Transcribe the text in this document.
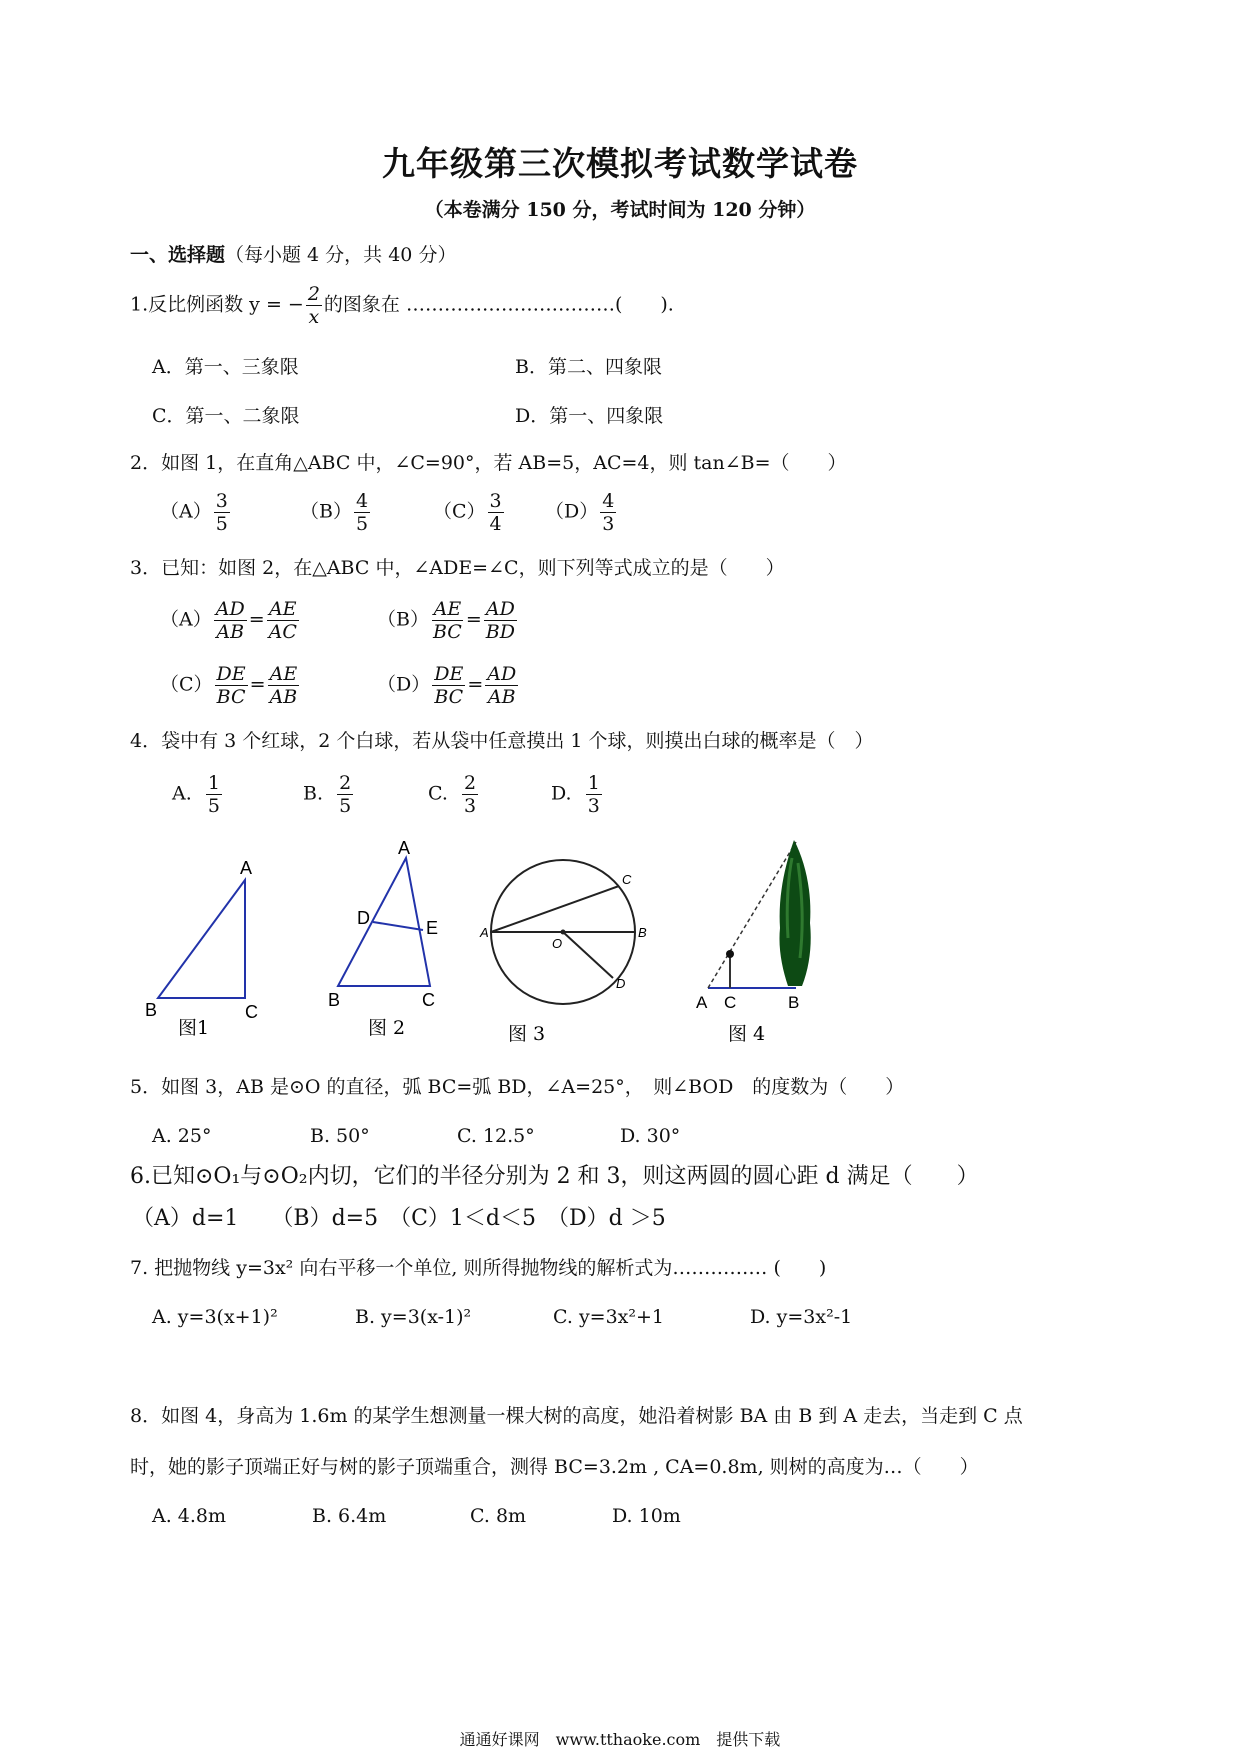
九年级第三次模拟考试数学试卷
（本卷满分 150 分，考试时间为 120 分钟）
一、选择题（每小题 4 分，共 40 分）
1.反比例函数 y = − $\frac{2}{x}$ 的图象在 ……………………………(　　).
A．第一、三象限	B．第二、四象限
C．第一、二象限	D．第一、四象限
2．如图 1，在直角△ABC 中，∠C=90°，若 AB=5，AC=4，则 tan∠B=（　　）
$(A) \frac{3}{5}$	$(B) \frac{4}{5}$	$(C) \frac{3}{4} (D) \frac{4}{3}$
3．已知：如图 2，在△ABC 中，∠ADE=∠C，则下列等式成立的是（　　）
$(A) \frac{AD}{AB} = \frac{AE}{AC}$	$(B) \frac{AE}{BC} = \frac{AD}{BD}$
$(C) \frac{DE}{BC} = \frac{AE}{AB}$	$(D) \frac{DE}{BC} = \frac{AD}{AB}$
4．袋中有 3 个红球，2 个白球，若从袋中任意摸出 1 个球，则摸出白球的概率是（　）
A. $\frac{1}{5}$	B. $\frac{2}{5}$	C. $\frac{2}{3}$	D. $\frac{1}{3}$
A
B	C
图1
A
D	E
B	C
图 2
A	B
C
D
O
图 3
A C	B
图 4
5．如图 3，AB 是⊙O 的直径，弧 BC=弧 BD，∠A=25°，　则∠BOD　的度数为（　　）
A. 25°	B. 50°	C. 12.5°	D. 30°
6.已知⊙O₁与⊙O₂内切，它们的半径分别为 2 和 3，则这两圆的圆心距 d 满足（　　）
（A）d=1　　（B）d=5　（C）1＜d＜5　（D）d ＞5
7. 把抛物线 y=3x² 向右平移一个单位, 则所得抛物线的解析式为…………… (　　)
A. y=3(x+1)²	B. y=3(x-1)²	C. y=3x²+1	D. y=3x²-1
8．如图 4，身高为 1.6m 的某学生想测量一棵大树的高度，她沿着树影 BA 由 B 到 A 走去，当走到 C 点
时，她的影子顶端正好与树的影子顶端重合，测得 BC=3.2m , CA=0.8m, 则树的高度为…（　　）
A. 4.8m	B. 6.4m	C. 8m	D. 10m
通通好课网　www.tthaoke.com　提供下载
